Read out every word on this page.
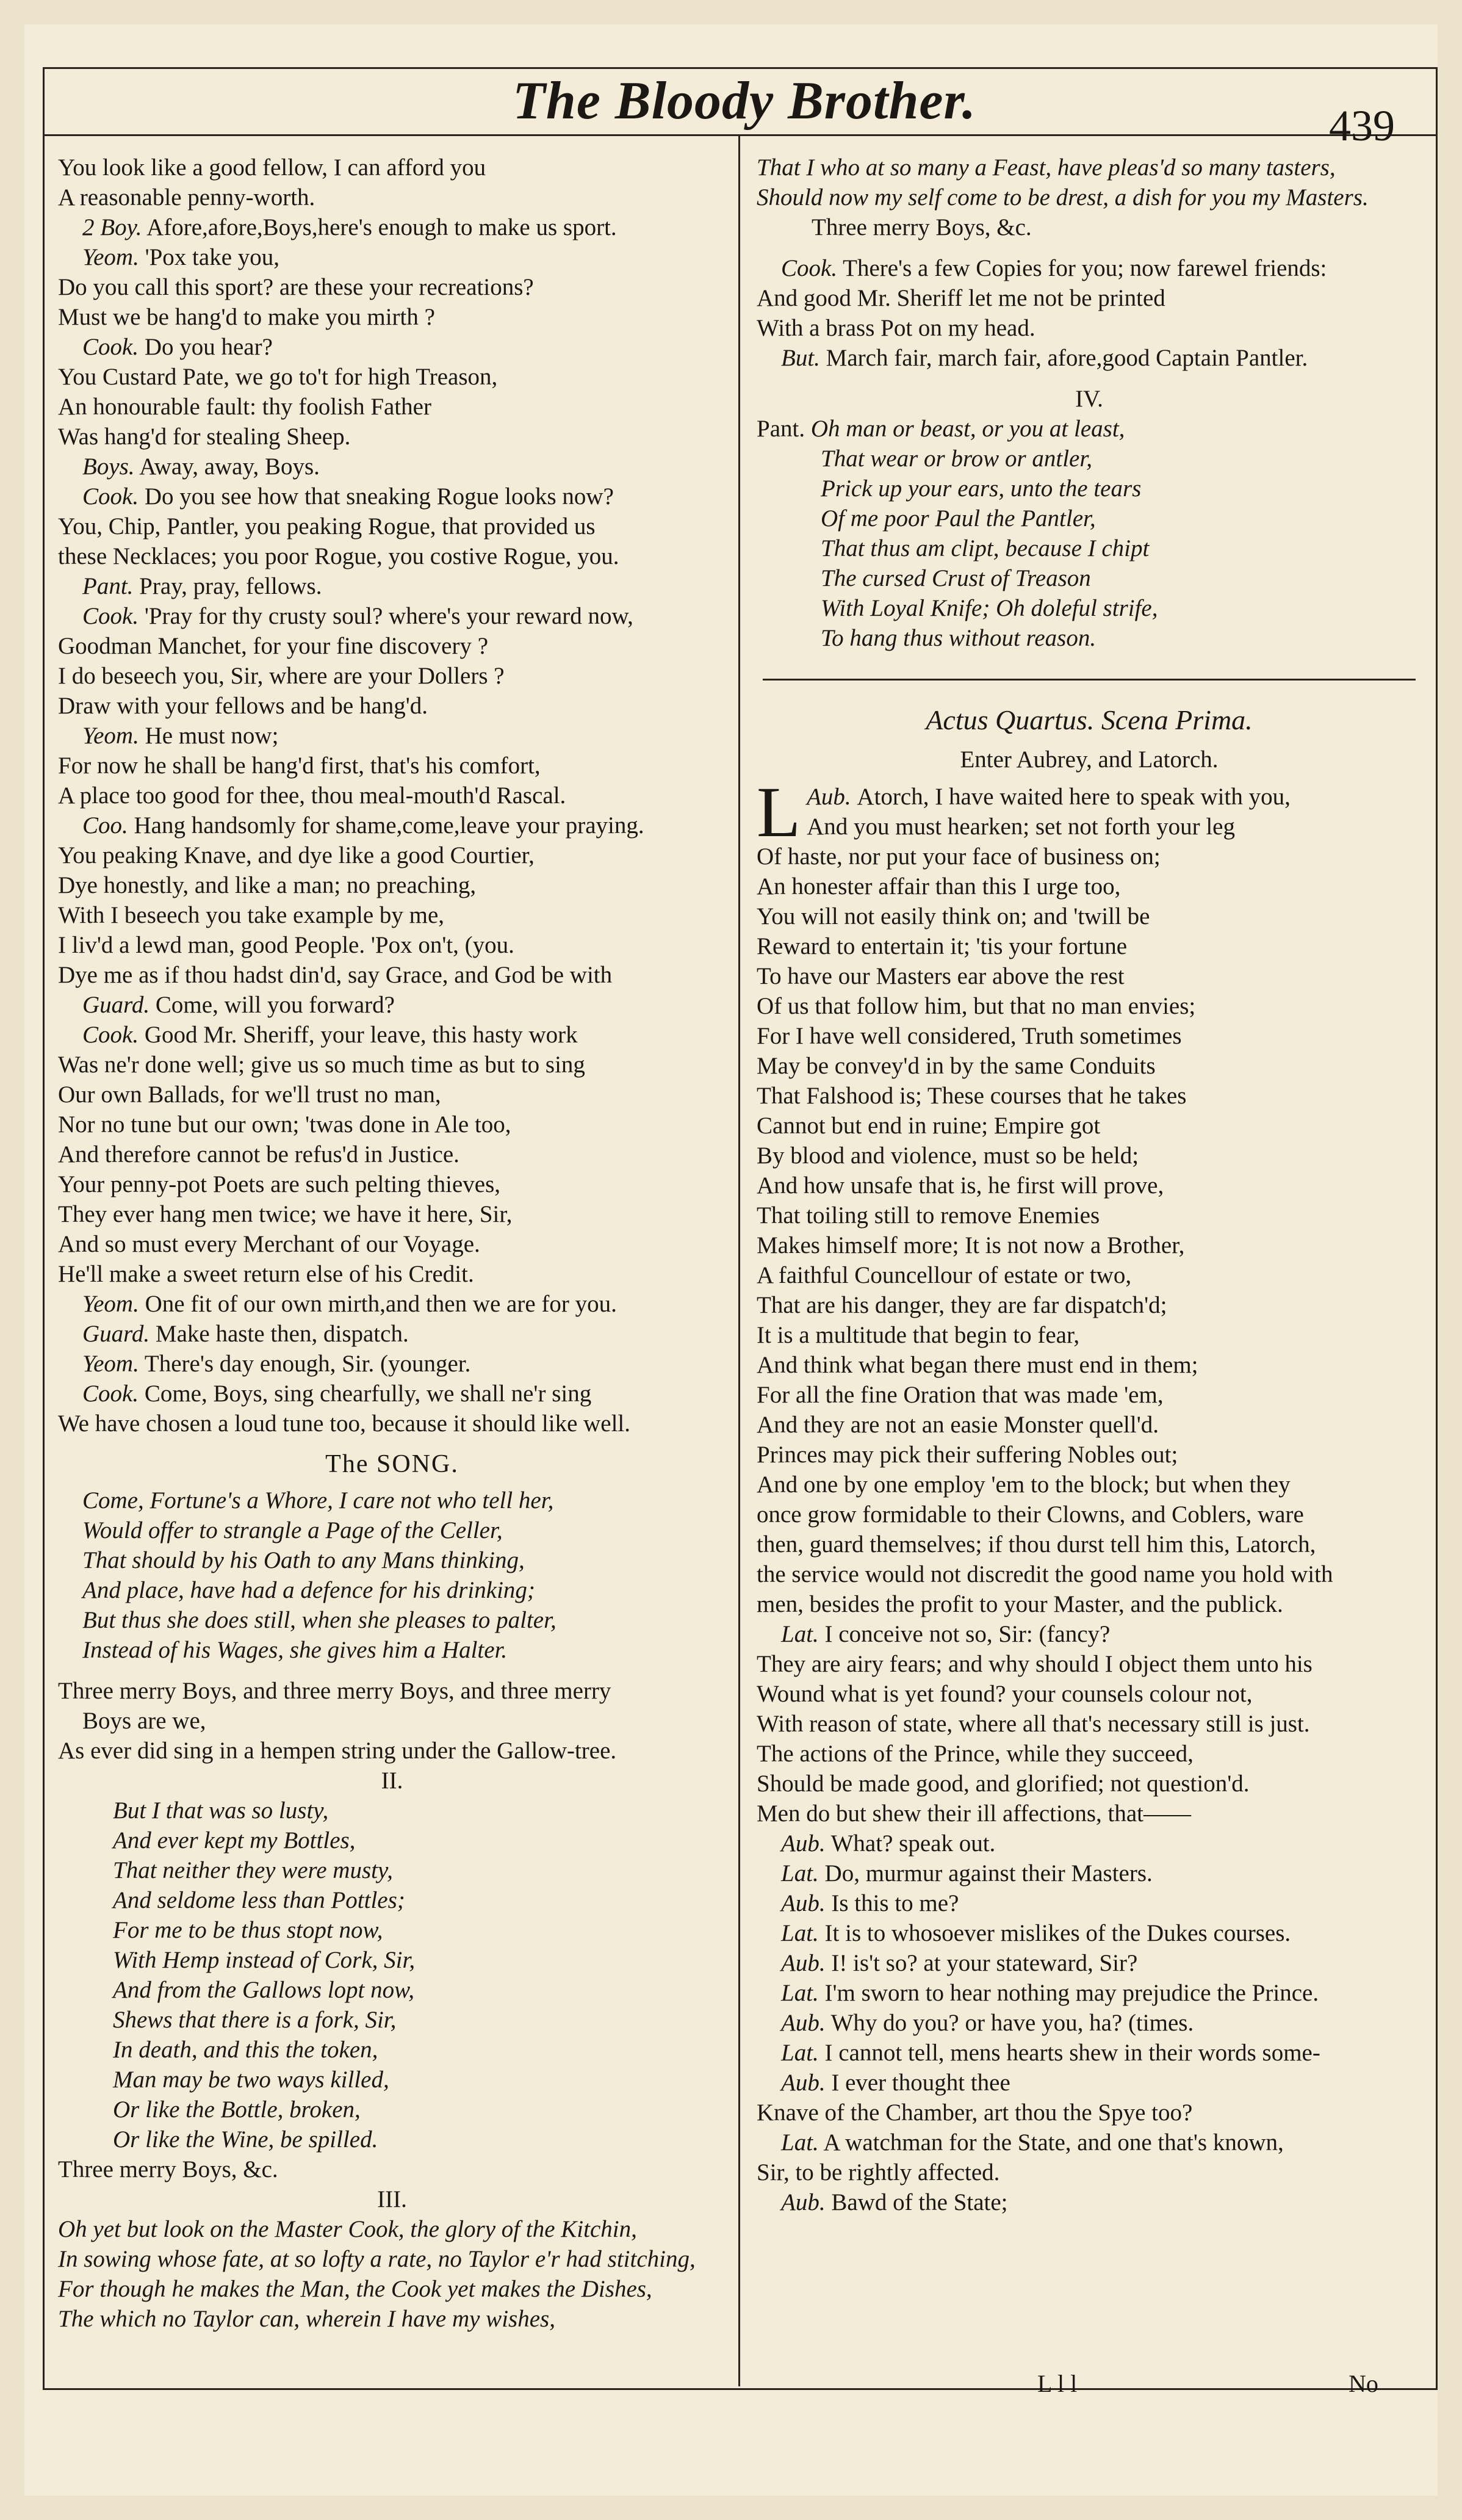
The Bloody Brother.	439
You look like a good fellow, I can afford you
A reasonable penny-worth.
2 Boy. Afore,afore,Boys,here's enough to make us sport.
Yeom. 'Pox take you,
Do you call this sport? are these your recreations?
Must we be hang'd to make you mirth ?
Cook. Do you hear?
You Custard Pate, we go to't for high Treason,
An honourable fault: thy foolish Father
Was hang'd for stealing Sheep.
Boys. Away, away, Boys.
Cook. Do you see how that sneaking Rogue looks now?
You, Chip, Pantler, you peaking Rogue, that provided us
these Necklaces; you poor Rogue, you costive Rogue, you.
Pant. Pray, pray, fellows.
Cook. 'Pray for thy crusty soul? where's your reward now,
Goodman Manchet, for your fine discovery ?
I do beseech you, Sir, where are your Dollers ?
Draw with your fellows and be hang'd.
Yeom. He must now;
For now he shall be hang'd first, that's his comfort,
A place too good for thee, thou meal-mouth'd Rascal.
Coo. Hang handsomly for shame,come,leave your praying.
You peaking Knave, and dye like a good Courtier,
Dye honestly, and like a man; no preaching,
With I beseech you take example by me,
I liv'd a lewd man, good People. 'Pox on't, (you.
Dye me as if thou hadst din'd, say Grace, and God be with
Guard. Come, will you forward?
Cook. Good Mr. Sheriff, your leave, this hasty work
Was ne'r done well; give us so much time as but to sing
Our own Ballads, for we'll trust no man,
Nor no tune but our own; 'twas done in Ale too,
And therefore cannot be refus'd in Justice.
Your penny-pot Poets are such pelting thieves,
They ever hang men twice; we have it here, Sir,
And so must every Merchant of our Voyage.
He'll make a sweet return else of his Credit.
Yeom. One fit of our own mirth,and then we are for you.
Guard. Make haste then, dispatch.
Yeom. There's day enough, Sir. (younger.
Cook. Come, Boys, sing chearfully, we shall ne'r sing
We have chosen a loud tune too, because it should like well.
The SONG.
Come, Fortune's a Whore, I care not who tell her,
Would offer to strangle a Page of the Celler,
That should by his Oath to any Mans thinking,
And place, have had a defence for his drinking;
But thus she does still, when she pleases to palter,
Instead of his Wages, she gives him a Halter.
Three merry Boys, and three merry Boys, and three merry
Boys are we,
As ever did sing in a hempen string under the Gallow-tree.
II.
But I that was so lusty,
And ever kept my Bottles,
That neither they were musty,
And seldome less than Pottles;
For me to be thus stopt now,
With Hemp instead of Cork, Sir,
And from the Gallows lopt now,
Shews that there is a fork, Sir,
In death, and this the token,
Man may be two ways killed,
Or like the Bottle, broken,
Or like the Wine, be spilled.
Three merry Boys, &c.
III.
Oh yet but look on the Master Cook, the glory of the Kitchin,
In sowing whose fate, at so lofty a rate, no Taylor e'r had stitching,
For though he makes the Man, the Cook yet makes the Dishes,
The which no Taylor can, wherein I have my wishes,
That I who at so many a Feast, have pleas'd so many tasters,
Should now my self come to be drest, a dish for you my Masters.
Three merry Boys, &c.
Cook. There's a few Copies for you; now farewel friends:
And good Mr. Sheriff let me not be printed
With a brass Pot on my head.
But. March fair, march fair, afore,good Captain Pantler.
IV.
Pant. Oh man or beast, or you at least,
That wear or brow or antler,
Prick up your ears, unto the tears
Of me poor Paul the Pantler,
That thus am clipt, because I chipt
The cursed Crust of Treason
With Loyal Knife; Oh doleful strife,
To hang thus without reason.
Actus Quartus. Scena Prima.
Enter Aubrey, and Latorch.
Aub.
L Atorch, I have waited here to speak with you,
And you must hearken; set not forth your leg
Of haste, nor put your face of business on;
An honester affair than this I urge too,
You will not easily think on; and 'twill be
Reward to entertain it; 'tis your fortune
To have our Masters ear above the rest
Of us that follow him, but that no man envies;
For I have well considered, Truth sometimes
May be convey'd in by the same Conduits
That Falshood is; These courses that he takes
Cannot but end in ruine; Empire got
By blood and violence, must so be held;
And how unsafe that is, he first will prove,
That toiling still to remove Enemies
Makes himself more; It is not now a Brother,
A faithful Councellour of estate or two,
That are his danger, they are far dispatch'd;
It is a multitude that begin to fear,
And think what began there must end in them;
For all the fine Oration that was made 'em,
And they are not an easie Monster quell'd.
Princes may pick their suffering Nobles out;
And one by one employ 'em to the block; but when they
once grow formidable to their Clowns, and Coblers, ware
then, guard themselves; if thou durst tell him this, Latorch,
the service would not discredit the good name you hold with
men, besides the profit to your Master, and the publick.
Lat. I conceive not so, Sir: (fancy?
They are airy fears; and why should I object them unto his
Wound what is yet found? your counsels colour not,
With reason of state, where all that's necessary still is just.
The actions of the Prince, while they succeed,
Should be made good, and glorified; not question'd.
Men do but shew their ill affections, that——
Aub. What? speak out.
Lat. Do, murmur against their Masters.
Aub. Is this to me?
Lat. It is to whosoever mislikes of the Dukes courses.
Aub. I! is't so? at your stateward, Sir?
Lat. I'm sworn to hear nothing may prejudice the Prince.
Aub. Why do you? or have you, ha? (times.
Lat. I cannot tell, mens hearts shew in their words some-
Aub. I ever thought thee
Knave of the Chamber, art thou the Spye too?
Lat. A watchman for the State, and one that's known,
Sir, to be rightly affected.
Aub. Bawd of the State;
L l l	No
